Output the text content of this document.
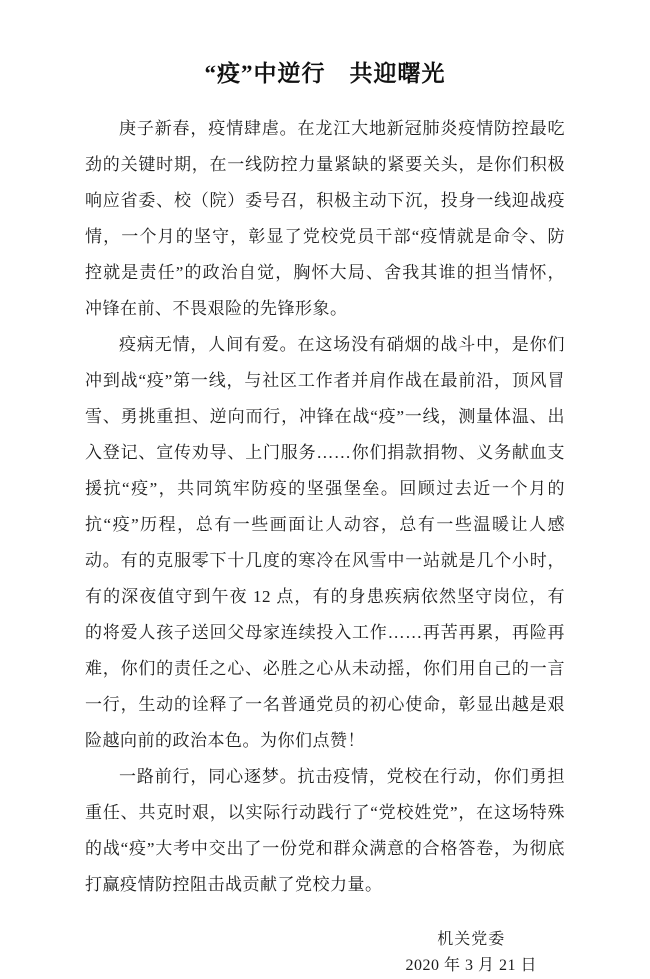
“疫”中逆行　共迎曙光

庚子新春，疫情肆虐。在龙江大地新冠肺炎疫情防控最吃劲的关键时期，在一线防控力量紧缺的紧要关头，是你们积极响应省委、校（院）委号召，积极主动下沉，投身一线迎战疫情，一个月的坚守，彰显了党校党员干部“疫情就是命令、防控就是责任”的政治自觉，胸怀大局、舍我其谁的担当情怀，冲锋在前、不畏艰险的先锋形象。

疫病无情，人间有爱。在这场没有硝烟的战斗中，是你们冲到战“疫”第一线，与社区工作者并肩作战在最前沿，顶风冒雪、勇挑重担、逆向而行，冲锋在战“疫”一线，测量体温、出入登记、宣传劝导、上门服务……你们捐款捐物、义务献血支援抗“疫”，共同筑牢防疫的坚强堡垒。回顾过去近一个月的抗“疫”历程，总有一些画面让人动容，总有一些温暖让人感动。有的克服零下十几度的寒冷在风雪中一站就是几个小时，有的深夜值守到午夜 12 点，有的身患疾病依然坚守岗位，有的将爱人孩子送回父母家连续投入工作……再苦再累，再险再难，你们的责任之心、必胜之心从未动摇，你们用自己的一言一行，生动的诠释了一名普通党员的初心使命，彰显出越是艰险越向前的政治本色。为你们点赞！

一路前行，同心逐梦。抗击疫情，党校在行动，你们勇担重任、共克时艰，以实际行动践行了“党校姓党”，在这场特殊的战“疫”大考中交出了一份党和群众满意的合格答卷，为彻底打赢疫情防控阻击战贡献了党校力量。

机关党委
2020 年 3 月 21 日
